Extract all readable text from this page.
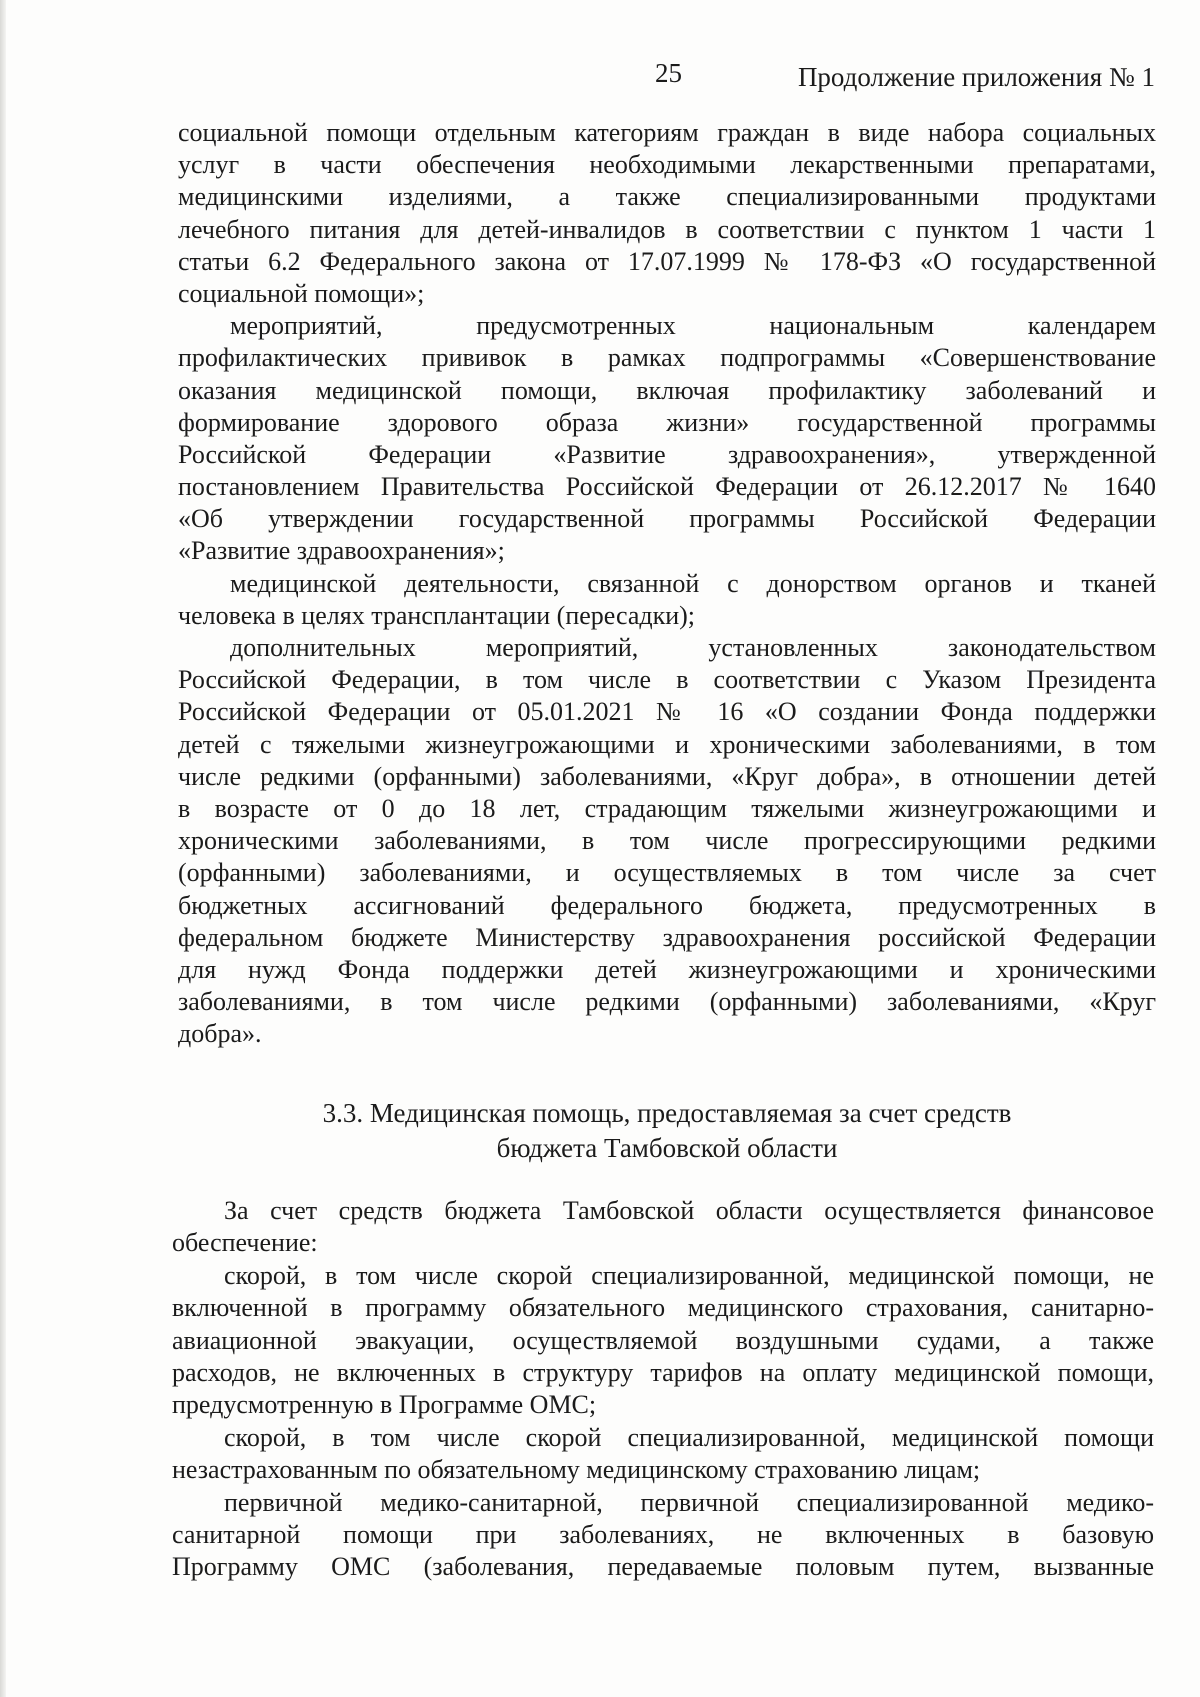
25	Продолжение приложения № 1
социальной помощи отдельным категориям граждан в виде набора социальных
услуг в части обеспечения необходимыми лекарственными препаратами,
медицинскими изделиями, а также специализированными продуктами
лечебного питания для детей-инвалидов в соответствии с пунктом 1 части 1
статьи 6.2 Федерального закона от 17.07.1999 № 178-ФЗ «О государственной
социальной помощи»;
мероприятий, предусмотренных национальным календарем
профилактических прививок в рамках подпрограммы «Совершенствование
оказания медицинской помощи, включая профилактику заболеваний и
формирование здорового образа жизни» государственной программы
Российской Федерации «Развитие здравоохранения», утвержденной
постановлением Правительства Российской Федерации от 26.12.2017 № 1640
«Об утверждении государственной программы Российской Федерации
«Развитие здравоохранения»;
медицинской деятельности, связанной с донорством органов и тканей
человека в целях трансплантации (пересадки);
дополнительных мероприятий, установленных законодательством
Российской Федерации, в том числе в соответствии с Указом Президента
Российской Федерации от 05.01.2021 № 16 «О создании Фонда поддержки
детей с тяжелыми жизнеугрожающими и хроническими заболеваниями, в том
числе редкими (орфанными) заболеваниями, «Круг добра», в отношении детей
в возрасте от 0 до 18 лет, страдающим тяжелыми жизнеугрожающими и
хроническими заболеваниями, в том числе прогрессирующими редкими
(орфанными) заболеваниями, и осуществляемых в том числе за счет
бюджетных ассигнований федерального бюджета, предусмотренных в
федеральном бюджете Министерству здравоохранения российской Федерации
для нужд Фонда поддержки детей жизнеугрожающими и хроническими
заболеваниями, в том числе редкими (орфанными) заболеваниями, «Круг
добра».
3.3. Медицинская помощь, предоставляемая за счет средств
бюджета Тамбовской области
За счет средств бюджета Тамбовской области осуществляется финансовое
обеспечение:
скорой, в том числе скорой специализированной, медицинской помощи, не
включенной в программу обязательного медицинского страхования, санитарно-
авиационной эвакуации, осуществляемой воздушными судами, а также
расходов, не включенных в структуру тарифов на оплату медицинской помощи,
предусмотренную в Программе ОМС;
скорой, в том числе скорой специализированной, медицинской помощи
незастрахованным по обязательному медицинскому страхованию лицам;
первичной медико-санитарной, первичной специализированной медико-
санитарной помощи при заболеваниях, не включенных в базовую
Программу ОМС (заболевания, передаваемые половым путем, вызванные
